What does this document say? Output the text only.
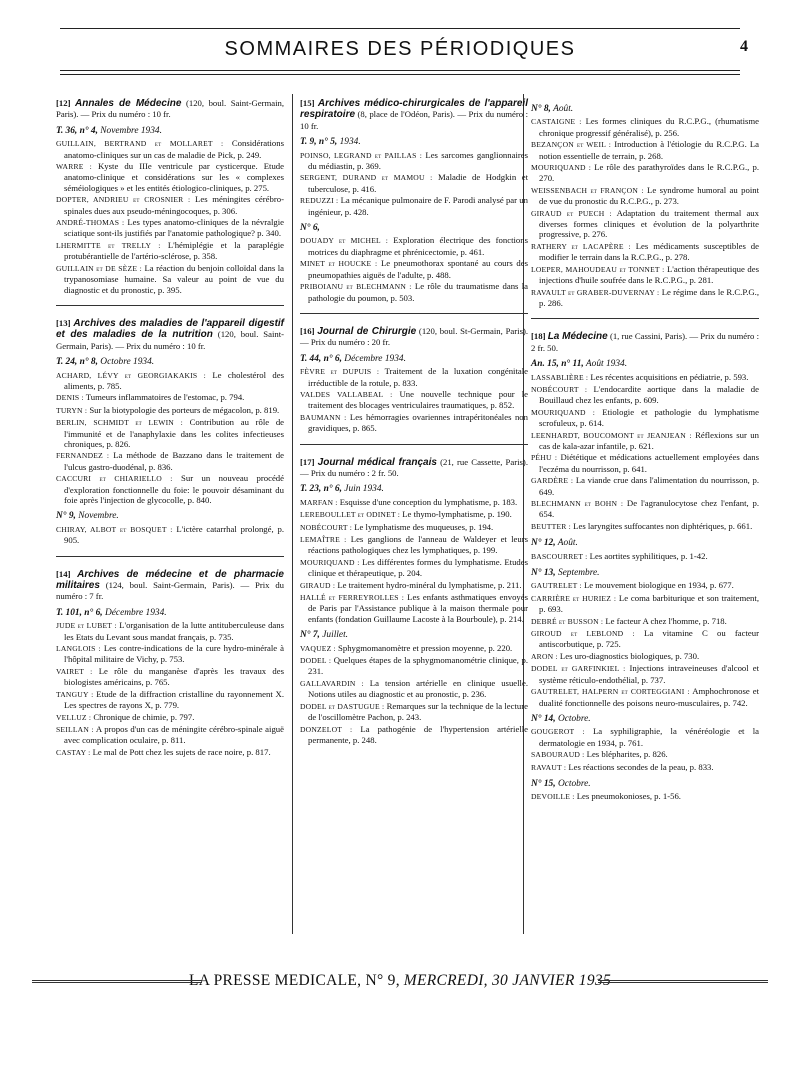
SOMMAIRES DES PÉRIODIQUES	4

[12] Annales de Médecine (120, boul. Saint-Germain, Paris). — Prix du numéro : 10 fr.

T. 36, n° 4, Novembre 1934.

GUILLAIN, BERTRAND et MOLLARET : Considérations anatomo-cliniques sur un cas de maladie de Pick, p. 249.

WARRE : Kyste du IIIe ventricule par cysticerque. Etude anatomo-clinique et considérations sur les « complexes séméiologiques » et les entités étiologico-cliniques, p. 275.

DOPTER, ANDRIEU et CROSNIER : Les méningites cérébro-spinales dues aux pseudo-méningocoques, p. 306.

ANDRÉ-THOMAS : Les types anatomo-cliniques de la névralgie sciatique sont-ils justifiés par l'anatomie pathologique? p. 340.

LHERMITTE et TRELLY : L'hémiplégie et la paraplégie protubérantielle de l'artério-sclérose, p. 358.

GUILLAIN et DE SÈZE : La réaction du benjoin colloïdal dans la trypanosomiase humaine. Sa valeur au point de vue du diagnostic et du pronostic, p. 395.

[13] Archives des maladies de l'appareil digestif et des maladies de la nutrition (120, boul. Saint-Germain, Paris). — Prix du numéro : 10 fr.

T. 24, n° 8, Octobre 1934.

ACHARD, LÉVY et GEORGIAKAKIS : Le cholestérol des aliments, p. 785.

DENIS : Tumeurs inflammatoires de l'estomac, p. 794.

TURYN : Sur la biotypologie des porteurs de mégacolon, p. 819.

BERLIN, SCHMIDT et LEWIN : Contribution au rôle de l'immunité et de l'anaphylaxie dans les colites infectieuses chroniques, p. 826.

FERNANDEZ : La méthode de Bazzano dans le traitement de l'ulcus gastro-duodénal, p. 836.

CACCURI et CHIARIELLO : Sur un nouveau procédé d'exploration fonctionnelle du foie: le pouvoir désaminant du foie après l'injection de glycocolle, p. 840.

N° 9, Novembre.

CHIRAY, ALBOT et BOSQUET : L'ictère catarrhal prolongé, p. 905.

[14] Archives de médecine et de pharmacie militaires (124, boul. Saint-Germain, Paris). — Prix du numéro : 7 fr.

T. 101, n° 6, Décembre 1934.

JUDE et LUBET : L'organisation de la lutte antituberculeuse dans les Etats du Levant sous mandat français, p. 735.

LANGLOIS : Les contre-indications de la cure hydro-minérale à l'hôpital militaire de Vichy, p. 753.

VAIRET : Le rôle du manganèse d'après les travaux des biologistes américains, p. 765.

TANGUY : Etude de la diffraction cristalline du rayonnement X. Les spectres de rayons X, p. 779.

VELLUZ : Chronique de chimie, p. 797.

SEILLAN : A propos d'un cas de méningite cérébro-spinale aiguë avec complication oculaire, p. 811.

CASTAY : Le mal de Pott chez les sujets de race noire, p. 817.

[15] Archives médico-chirurgicales de l'appareil respiratoire (8, place de l'Odéon, Paris). — Prix du numéro : 10 fr.

T. 9, n° 5, 1934.

POINSO, LEGRAND et PAILLAS : Les sarcomes ganglionnaires du médiastin, p. 369.

SERGENT, DURAND et MAMOU : Maladie de Hodgkin et tuberculose, p. 416.

REDUZZI : La mécanique pulmonaire de F. Parodi analysé par un ingénieur, p. 428.

N° 6,

DOUADY et MICHEL : Exploration électrique des fonctions motrices du diaphragme et phrénicectomie, p. 461.

MINET et HOUCKE : Le pneumothorax spontané au cours des pneumopathies aiguës de l'adulte, p. 488.

PRIBOIANU et BLECHMANN : Le rôle du traumatisme dans la pathologie du poumon, p. 503.

[16] Journal de Chirurgie (120, boul. St-Germain, Paris). — Prix du numéro : 20 fr.

T. 44, n° 6, Décembre 1934.

FÈVRE et DUPUIS : Traitement de la luxation congénitale irréductible de la rotule, p. 833.

VALDES VALLABEAL : Une nouvelle technique pour le traitement des blocages ventriculaires traumatiques, p. 852.

BAUMANN : Les hémorragies ovariennes intrapéritonéales non gravidiques, p. 865.

[17] Journal médical français (21, rue Cassette, Paris). — Prix du numéro : 2 fr. 50.

T. 23, n° 6, Juin 1934.

MARFAN : Esquisse d'une conception du lymphatisme, p. 183.

LEREBOULLET et ODINET : Le thymo-lymphatisme, p. 190.

NOBÉCOURT : Le lymphatisme des muqueuses, p. 194.

LEMAÎTRE : Les ganglions de l'anneau de Waldeyer et leurs réactions pathologiques chez les lymphatiques, p. 199.

MOURIQUAND : Les différentes formes du lymphatisme. Etudes clinique et thérapeutique, p. 204.

GIRAUD : Le traitement hydro-minéral du lymphatisme, p. 211.

HALLÉ et FERREYROLLES : Les enfants asthmatiques envoyés de Paris par l'Assistance publique à la maison thermale pour enfants (fondation Guillaume Lacoste à la Bourboule), p. 214.

N° 7, Juillet.

VAQUEZ : Sphygmomanomètre et pression moyenne, p. 220.

DODEL : Quelques étapes de la sphygmomanométrie clinique, p. 231.

GALLAVARDIN : La tension artérielle en clinique usuelle. Notions utiles au diagnostic et au pronostic, p. 236.

DODEL et DASTUGUE : Remarques sur la technique de la lecture de l'oscillomètre Pachon, p. 243.

DONZELOT : La pathogénie de l'hypertension artérielle permanente, p. 248.

N° 8, Août.

CASTAIGNE : Les formes cliniques du R.C.P.G., (rhumatisme chronique progressif généralisé), p. 256.

BEZANÇON et WEIL : Introduction à l'étiologie du R.C.P.G. La notion essentielle de terrain, p. 268.

MOURIQUAND : Le rôle des parathyroïdes dans le R.C.P.G., p. 270.

WEISSENBACH et FRANÇON : Le syndrome humoral au point de vue du pronostic du R.C.P.G., p. 273.

GIRAUD et PUECH : Adaptation du traitement thermal aux diverses formes cliniques et évolution de la polyarthrite progressive, p. 276.

RATHERY et LACAPÈRE : Les médicaments susceptibles de modifier le terrain dans la R.C.P.G., p. 278.

LOEPER, MAHOUDEAU et TONNET : L'action thérapeutique des injections d'huile soufrée dans le R.C.P.G., p. 281.

RAVAULT et GRABER-DUVERNAY : Le régime dans le R.C.P.G., p. 286.

[18] La Médecine (1, rue Cassini, Paris). — Prix du numéro : 2 fr. 50.

An. 15, n° 11, Août 1934.

LASSABLIÈRE : Les récentes acquisitions en pédiatrie, p. 593.

NOBÉCOURT : L'endocardite aortique dans la maladie de Bouillaud chez les enfants, p. 609.

MOURIQUAND : Etiologie et pathologie du lymphatisme scrofuleux, p. 614.

LEENHARDT, BOUCOMONT et JEANJEAN : Réflexions sur un cas de kala-azar infantile, p. 621.

PÉHU : Diététique et médications actuellement employées dans l'eczéma du nourrisson, p. 641.

GARDÈRE : La viande crue dans l'alimentation du nourrisson, p. 649.

BLECHMANN et BOHN : De l'agranulocytose chez l'enfant, p. 654.

BEUTTER : Les laryngites suffocantes non diphtériques, p. 661.

N° 12, Août.

BASCOURRET : Les aortites syphilitiques, p. 1-42.

N° 13, Septembre.

GAUTRELET : Le mouvement biologique en 1934, p. 677.

CARRIÈRE et HURIEZ : Le coma barbiturique et son traitement, p. 693.

DEBRÉ et BUSSON : Le facteur A chez l'homme, p. 718.

GIROUD et LEBLOND : La vitamine C ou facteur antiscorbutique, p. 725.

ARON : Les uro-diagnostics biologiques, p. 730.

DODEL et GARFINKIEL : Injections intraveineuses d'alcool et système réticulo-endothélial, p. 737.

GAUTRELET, HALPERN et CORTEGGIANI : Amphochronose et dualité fonctionnelle des poisons neuro-musculaires, p. 742.

N° 14, Octobre.

GOUGEROT : La syphiligraphie, la vénéréologie et la dermatologie en 1934, p. 761.

SABOURAUD : Les blépharites, p. 826.

RAVAUT : Les réactions secondes de la peau, p. 833.

N° 15, Octobre.

DEVOILLE : Les pneumokonioses, p. 1-56.

LA PRESSE MEDICALE, N° 9, MERCREDI, 30 JANVIER 1935
